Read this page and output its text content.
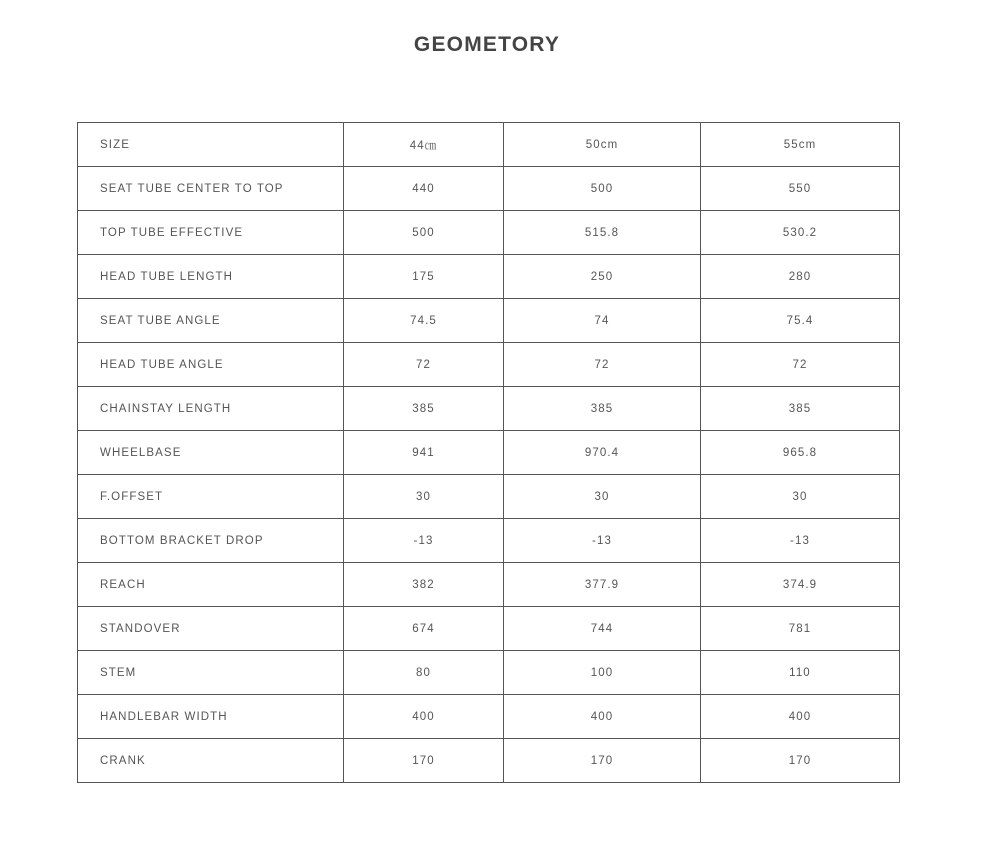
GEOMETORY
SIZE	44㎝	50cm	55cm
SEAT TUBE CENTER TO TOP	440	500	550
TOP TUBE EFFECTIVE	500	515.8	530.2
HEAD TUBE LENGTH	175	250	280
SEAT TUBE ANGLE	74.5	74	75.4
HEAD TUBE ANGLE	72	72	72
CHAINSTAY LENGTH	385	385	385
WHEELBASE	941	970.4	965.8
F.OFFSET	30	30	30
BOTTOM BRACKET DROP	-13	-13	-13
REACH	382	377.9	374.9
STANDOVER	674	744	781
STEM	80	100	110
HANDLEBAR WIDTH	400	400	400
CRANK	170	170	170
